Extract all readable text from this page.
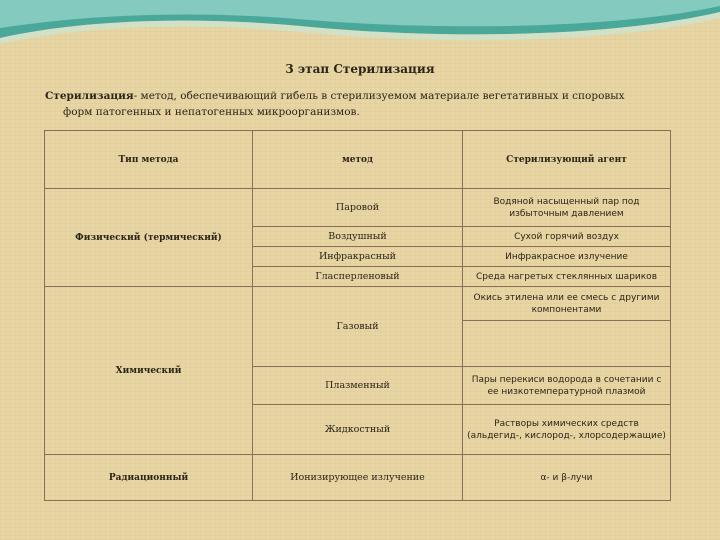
3 этап Стерилизация
Стерилизация- метод, обеспечивающий гибель в стерилизуемом материале вегетативных и споровых
форм патогенных и непатогенных микроорганизмов.
Тип метода	метод	Стерилизующий агент
Физический (термический)	Паровой	Водяной насыщенный пар под избыточным давлением
	Воздушный	Сухой горячий воздух
	Инфракрасный	Инфракрасное излучение
	Гласперленовый	Среда нагретых стеклянных шариков
Химический	Газовый	Окись этилена или ее смесь с другими компонентами

	Плазменный	Пары перекиси водорода в сочетании с ее низкотемпературной плазмой
	Жидкостный	Растворы химических средств (альдегид-, кислород-, хлорсодержащие)
Радиационный	Ионизирующее излучение	α- и β-лучи
